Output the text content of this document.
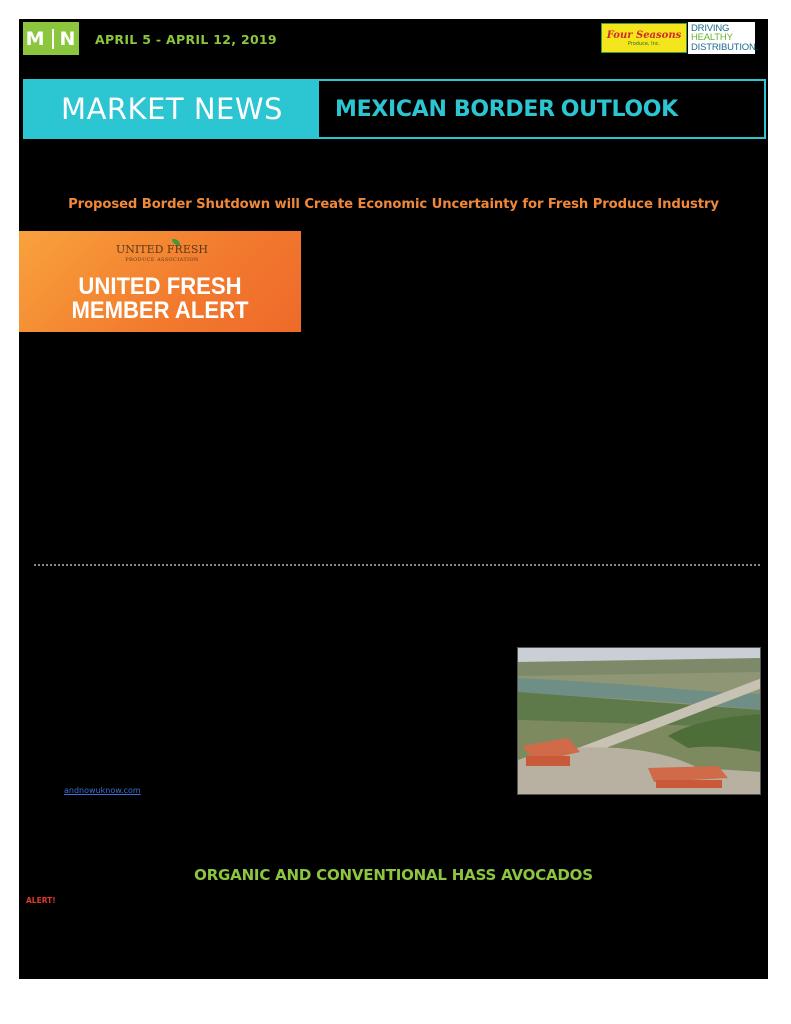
M N APRIL 5 - APRIL 12, 2019	Four Seasons
Produce, Inc.
DRIVING
HEALTHY
DISTRIBUTION.
MARKET NEWS MEXICAN BORDER OUTLOOK
Proposed Border Shutdown will Create Economic Uncertainty for Fresh Produce Industry
UNITED FRESH
PRODUCE ASSOCIATION
UNITED FRESH
MEMBER ALERT
andnowuknow.com
ORGANIC AND CONVENTIONAL HASS AVOCADOS
ALERT!
